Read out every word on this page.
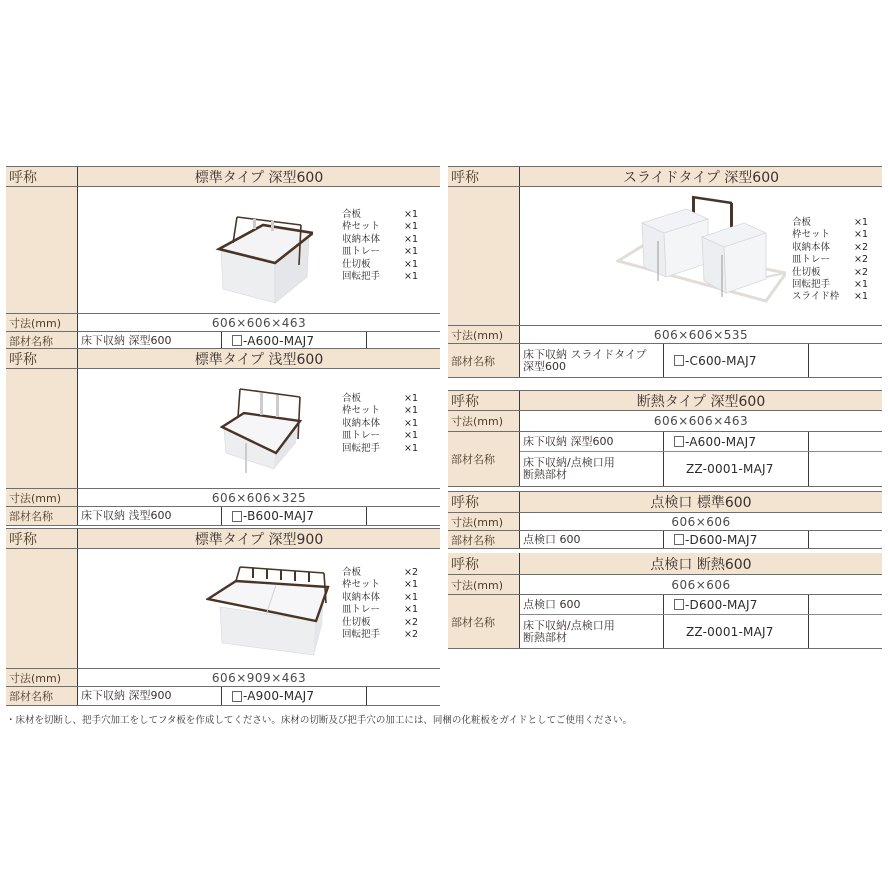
呼称	標準タイプ 深型600
合板	×1
枠セット	×1
収納本体	×1
皿トレー	×1
仕切板	×1
回転把手	×1
寸法(mm)	606×606×463
部材名称	床下収納 深型600	-A600-MAJ7
呼称	標準タイプ 浅型600
合板	×1
枠セット	×1
収納本体	×1
皿トレー	×1
回転把手	×1
寸法(mm)	606×606×325
部材名称	床下収納 浅型600	-B600-MAJ7
呼称	標準タイプ 深型900
合板	×2
枠セット	×1
収納本体	×1
皿トレー	×1
仕切板	×2
回転把手	×2
寸法(mm)	606×909×463
部材名称	床下収納 深型900	-A900-MAJ7
呼称	スライドタイプ 深型600
合板	×1
枠セット	×1
収納本体	×2
皿トレー	×2
仕切板	×2
回転把手	×1
スライド枠	×1
寸法(mm)	606×606×535
部材名称
床下収納 スライドタイプ
深型600	-C600-MAJ7
呼称	断熱タイプ 深型600
寸法(mm)	606×606×463
部材名称
床下収納 深型600	-A600-MAJ7
床下収納/点検口用
断熱部材	ZZ-0001-MAJ7
呼称	点検口 標準600
寸法(mm)	606×606
部材名称	点検口 600	-D600-MAJ7
呼称	点検口 断熱600
寸法(mm)	606×606
部材名称
点検口 600	-D600-MAJ7
床下収納/点検口用
断熱部材	ZZ-0001-MAJ7
・床材を切断し、把手穴加工をしてフタ板を作成してください。床材の切断及び把手穴の加工には、同梱の化粧板をガイドとしてご使用ください。
